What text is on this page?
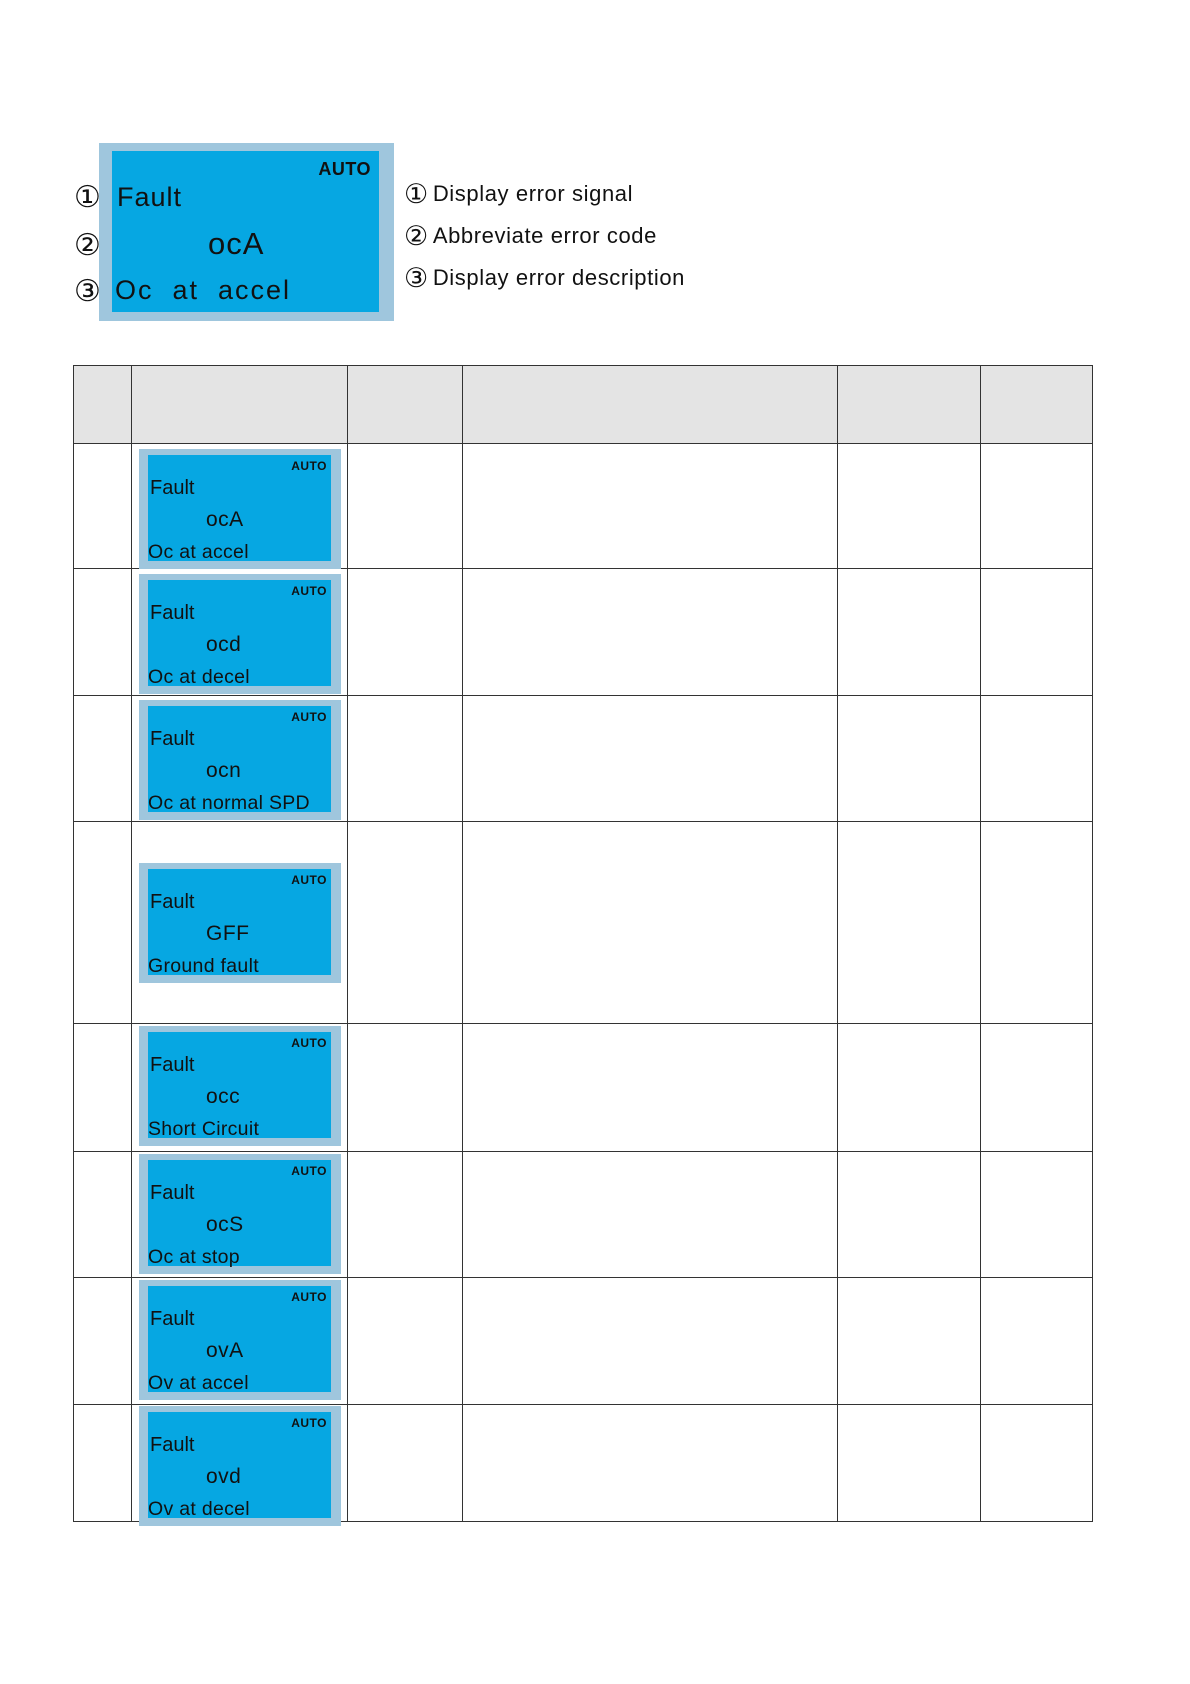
AUTO
Fault
ocA
Oc  at  accel
①
②
③
① Display error signal
② Abbreviate error code
③ Display error description
AUTO
Fault
ocA
Oc at accel
AUTO
Fault
ocd
Oc at decel
AUTO
Fault
ocn
Oc at normal SPD
AUTO
Fault
GFF
Ground fault
AUTO
Fault
occ
Short Circuit
AUTO
Fault
ocS
Oc at stop
AUTO
Fault
ovA
Ov at accel
AUTO
Fault
ovd
Ov at decel
